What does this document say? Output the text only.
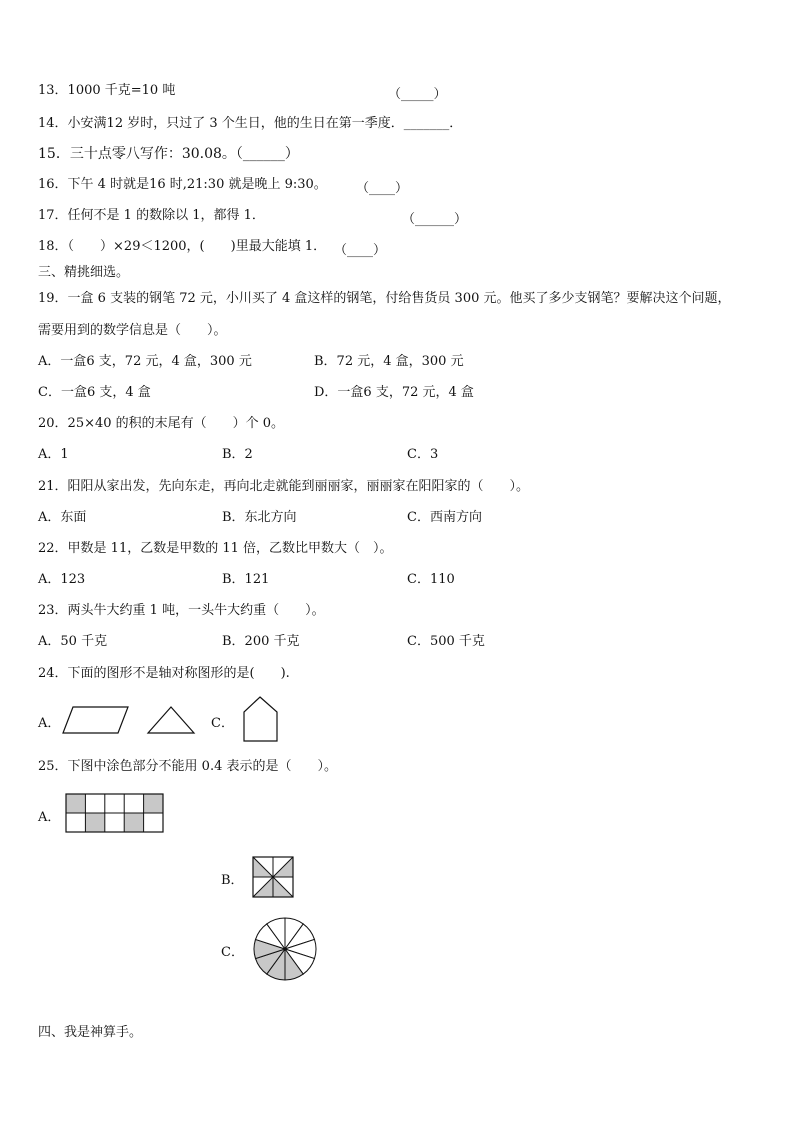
13．1000 千克=10 吨	（_____）
14．小安满12 岁时，只过了 3 个生日，他的生日在第一季度．_______．
15．三十点零八写作：30.08。（______）
16．下午 4 时就是16 时,21:30 就是晚上 9:30。 （____）
17．任何不是 1 的数除以 1，都得 1．	（______）
18．（　　）×29＜1200，(　　)里最大能填 1． （____）
三、精挑细选。
19．一盒 6 支装的钢笔 72 元，小川买了 4 盒这样的钢笔，付给售货员 300 元。他买了多少支钢笔？要解决这个问题，
需要用到的数学信息是（　　）。
A．一盒6 支，72 元，4 盒，300 元	B．72 元，4 盒，300 元
C．一盒6 支，4 盒	D．一盒6 支，72 元，4 盒
20．25×40 的积的末尾有（　　）个 0。
A．1	B．2	C．3
21．阳阳从家出发，先向东走，再向北走就能到丽丽家，丽丽家在阳阳家的（　　）。
A．东面	B．东北方向	C．西南方向
22．甲数是 11，乙数是甲数的 11 倍，乙数比甲数大（　）。
A．123	B．121	C．110
23．两头牛大约重 1 吨，一头牛大约重（　　）。
A．50 千克	B．200 千克	C．500 千克
24．下面的图形不是轴对称图形的是(　　).
A．	C．
25．下图中涂色部分不能用 0.4 表示的是（　　）。
A．
B．
C．
四、我是神算手。
